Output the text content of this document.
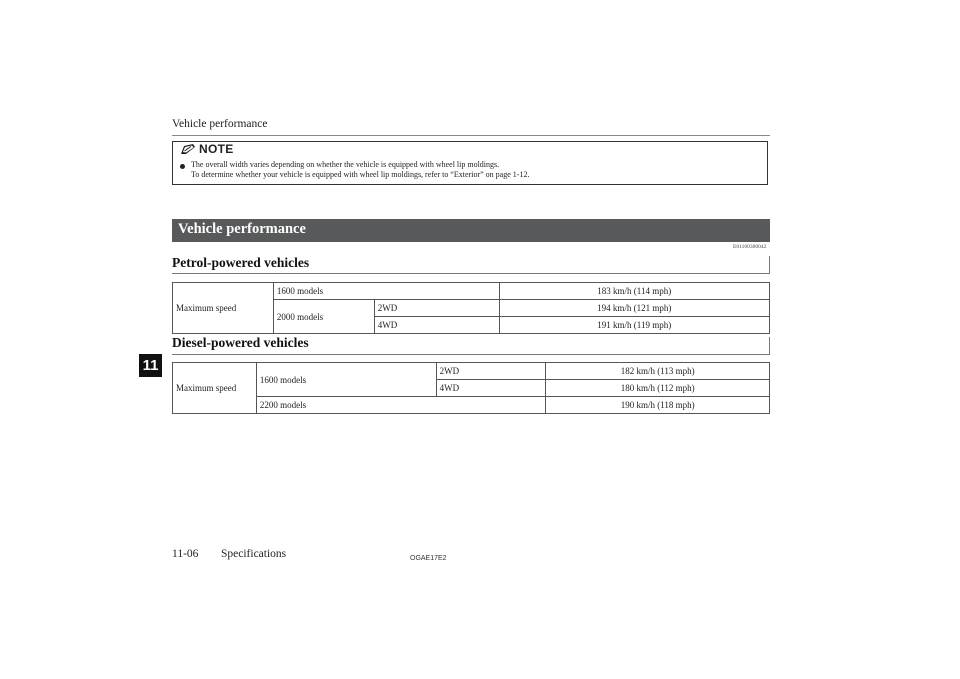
Vehicle performance
NOTE
The overall width varies depending on whether the vehicle is equipped with wheel lip moldings.
To determine whether your vehicle is equipped with wheel lip moldings, refer to “Exterior” on page 1-12.
Vehicle performance
E01100300042
Petrol-powered vehicles
Maximum speed	1600 models		183 km/h (114 mph)
	2000 models	2WD	194 km/h (121 mph)
		4WD	191 km/h (119 mph)
Diesel-powered vehicles
Maximum speed	1600 models	2WD	182 km/h (113 mph)
		4WD	180 km/h (112 mph)
	2200 models		190 km/h (118 mph)
11
11-06 Specifications	OGAE17E2
